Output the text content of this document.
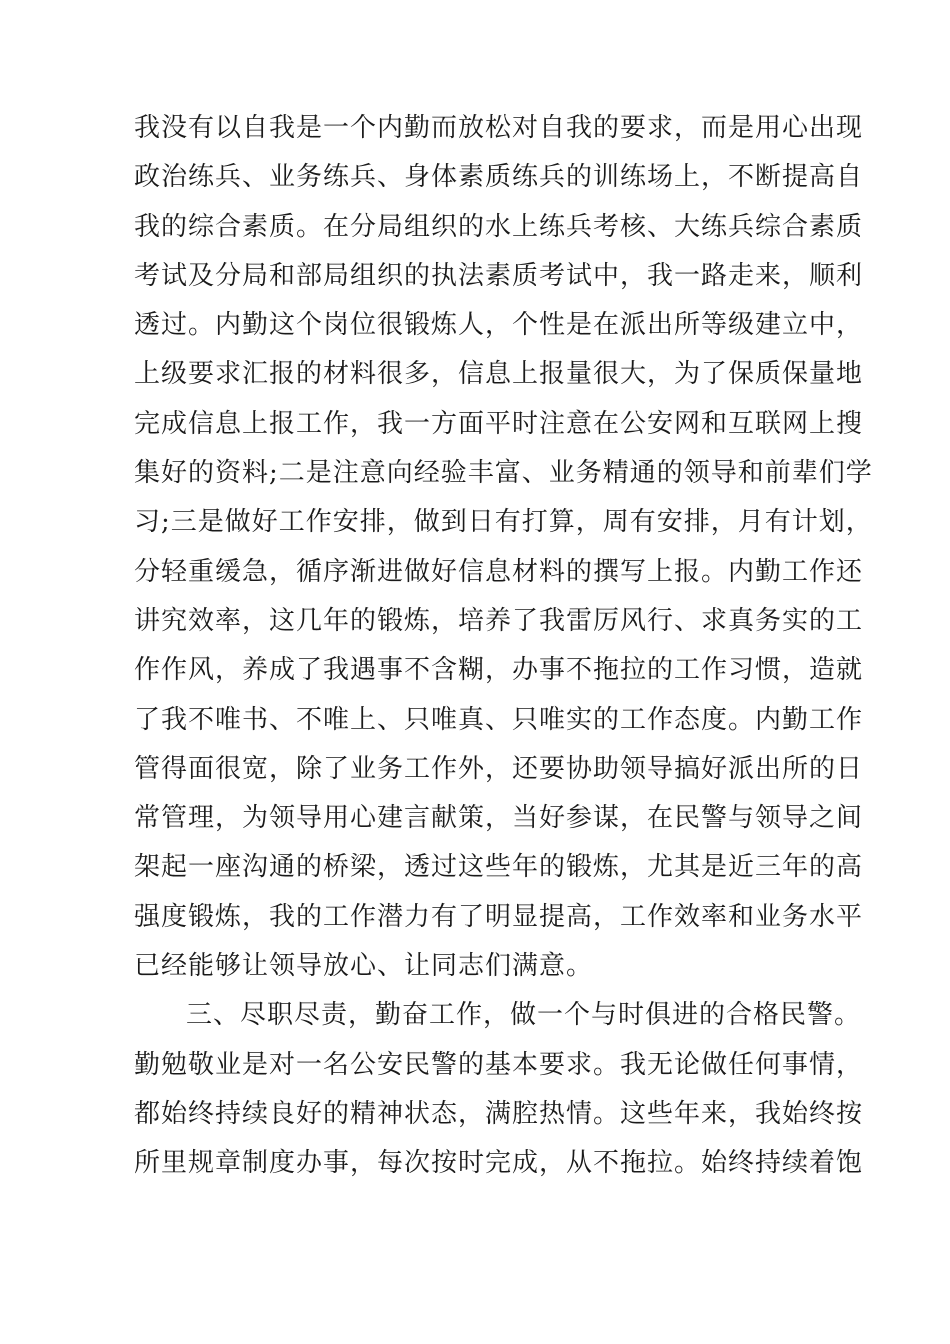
我没有以自我是一个内勤而放松对自我的要求，而是用心出现
政治练兵、业务练兵、身体素质练兵的训练场上，不断提高自
我的综合素质。在分局组织的水上练兵考核、大练兵综合素质
考试及分局和部局组织的执法素质考试中，我一路走来，顺利
透过。内勤这个岗位很锻炼人，个性是在派出所等级建立中，
上级要求汇报的材料很多，信息上报量很大，为了保质保量地
完成信息上报工作，我一方面平时注意在公安网和互联网上搜
集好的资料;二是注意向经验丰富、业务精通的领导和前辈们学
习;三是做好工作安排，做到日有打算，周有安排，月有计划，
分轻重缓急，循序渐进做好信息材料的撰写上报。内勤工作还
讲究效率，这几年的锻炼，培养了我雷厉风行、求真务实的工
作作风，养成了我遇事不含糊，办事不拖拉的工作习惯，造就
了我不唯书、不唯上、只唯真、只唯实的工作态度。内勤工作
管得面很宽，除了业务工作外，还要协助领导搞好派出所的日
常管理，为领导用心建言献策，当好参谋，在民警与领导之间
架起一座沟通的桥梁，透过这些年的锻炼，尤其是近三年的高
强度锻炼，我的工作潜力有了明显提高，工作效率和业务水平
已经能够让领导放心、让同志们满意。
三、尽职尽责，勤奋工作，做一个与时俱进的合格民警。
勤勉敬业是对一名公安民警的基本要求。我无论做任何事情，
都始终持续良好的精神状态，满腔热情。这些年来，我始终按
所里规章制度办事，每次按时完成，从不拖拉。始终持续着饱
